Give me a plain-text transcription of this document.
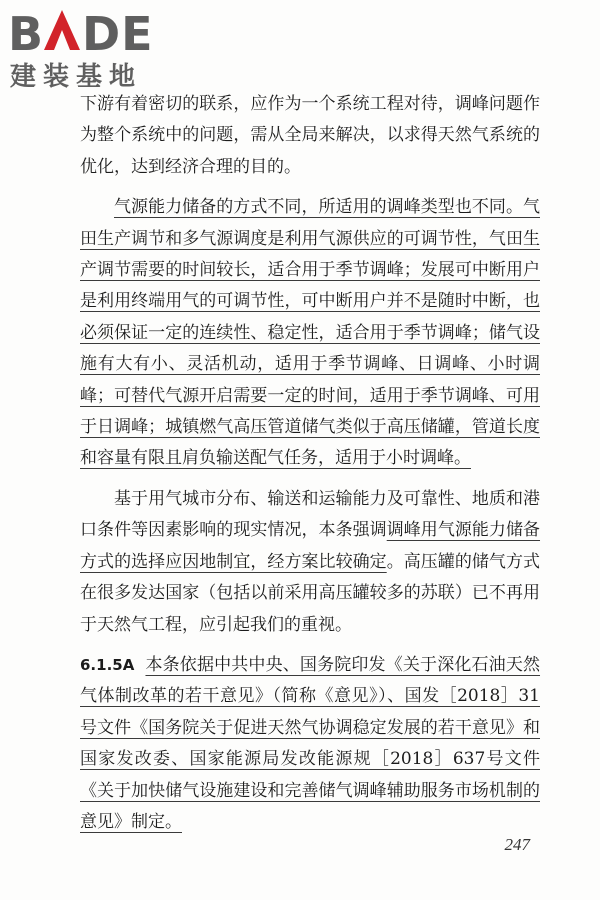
B DE
建装基地

下游有着密切的联系，应作为一个系统工程对待，调峰问题作为整个系统中的问题，需从全局来解决，以求得天然气系统的优化，达到经济合理的目的。

气源能力储备的方式不同，所适用的调峰类型也不同。气田生产调节和多气源调度是利用气源供应的可调节性，气田生产调节需要的时间较长，适合用于季节调峰；发展可中断用户是利用终端用气的可调节性，可中断用户并不是随时中断，也必须保证一定的连续性、稳定性，适合用于季节调峰；储气设施有大有小、灵活机动，适用于季节调峰、日调峰、小时调峰；可替代气源开启需要一定的时间，适用于季节调峰、可用于日调峰；城镇燃气高压管道储气类似于高压储罐，管道长度和容量有限且肩负输送配气任务，适用于小时调峰。

基于用气城市分布、输送和运输能力及可靠性、地质和港口条件等因素影响的现实情况，本条强调调峰用气源能力储备方式的选择应因地制宜，经方案比较确定。高压罐的储气方式在很多发达国家（包括以前采用高压罐较多的苏联）已不再用于天然气工程，应引起我们的重视。

6.1.5A 本条依据中共中央、国务院印发《关于深化石油天然气体制改革的若干意见》（简称《意见》）、国发［2018］31号文件《国务院关于促进天然气协调稳定发展的若干意见》和国家发改委、国家能源局发改能源规［2018］637号文件《关于加快储气设施建设和完善储气调峰辅助服务市场机制的意见》制定。

247
